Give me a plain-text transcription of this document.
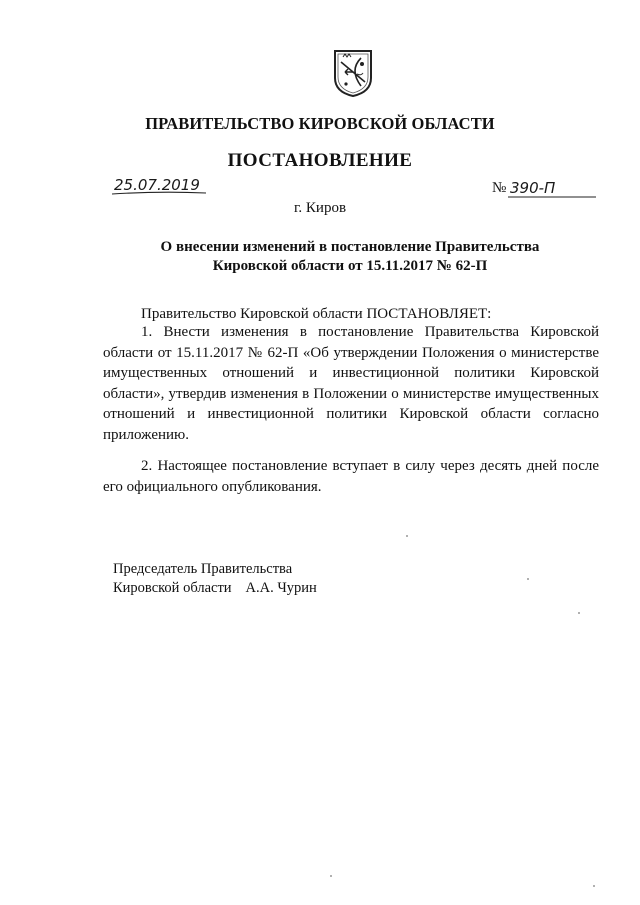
ПРАВИТЕЛЬСТВО КИРОВСКОЙ ОБЛАСТИ
ПОСТАНОВЛЕНИЕ
25.07.2019	№ 390-П
г. Киров
О внесении изменений в постановление Правительства
Кировской области от 15.11.2017 № 62-П
Правительство Кировской области ПОСТАНОВЛЯЕТ:
1. Внести изменения в постановление Правительства Кировской области от 15.11.2017 № 62-П «Об утверждении Положения о министерстве имущественных отношений и инвестиционной политики Кировской области», утвердив изменения в Положении о министерстве имущественных отношений и инвестиционной политики Кировской области согласно приложению.
2. Настоящее постановление вступает в силу через десять дней после его официального опубликования.
Председатель Правительства
Кировской области А.А. Чурин
